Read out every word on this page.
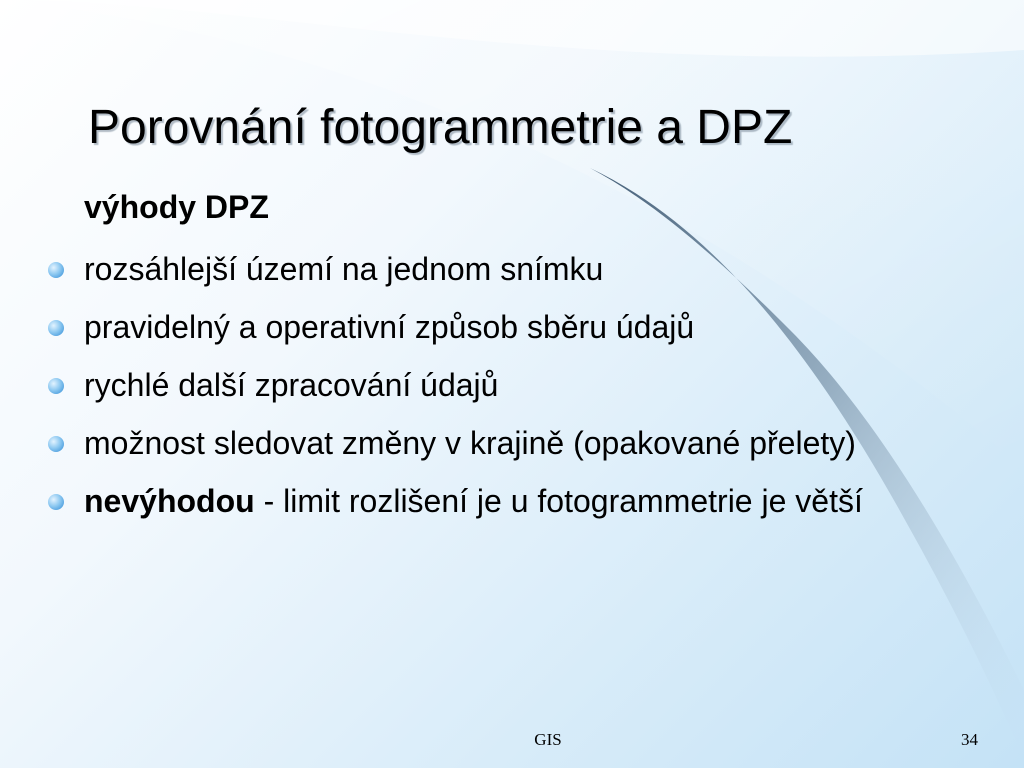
Porovnání fotogrammetrie a DPZ
výhody DPZ
rozsáhlejší území na jednom snímku
pravidelný a operativní způsob sběru údajů
rychlé další zpracování údajů
možnost sledovat změny v krajině (opakované přelety)
nevýhodou - limit rozlišení je u fotogrammetrie je větší
GIS	34
